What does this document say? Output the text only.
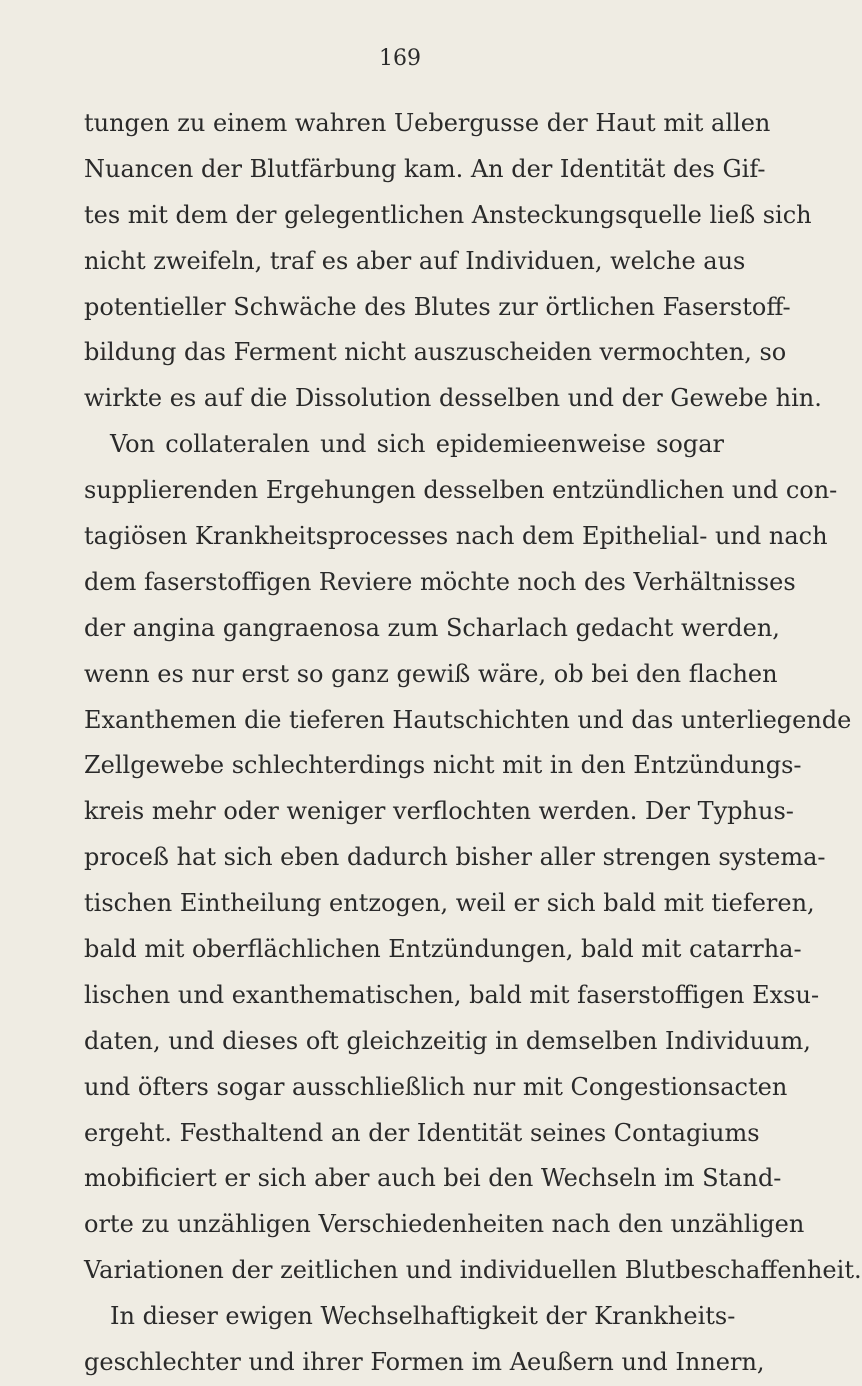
169
tungen zu einem wahren Uebergusse der Haut mit allen
Nuancen der Blutfärbung kam. An der Identität des Gif-
tes mit dem der gelegentlichen Ansteckungsquelle ließ sich
nicht zweifeln, traf es aber auf Individuen, welche aus
potentieller Schwäche des Blutes zur örtlichen Faserstoff-
bildung das Ferment nicht auszuscheiden vermochten, so
wirkte es auf die Dissolution desselben und der Gewebe hin.
Von collateralen und sich epidemieenweise sogar
supplierenden Ergehungen desselben entzündlichen und con-
tagiösen Krankheitsprocesses nach dem Epithelial- und nach
dem faserstoffigen Reviere möchte noch des Verhältnisses
der angina gangraenosa zum Scharlach gedacht werden,
wenn es nur erst so ganz gewiß wäre, ob bei den flachen
Exanthemen die tieferen Hautschichten und das unterliegende
Zellgewebe schlechterdings nicht mit in den Entzündungs-
kreis mehr oder weniger verflochten werden. Der Typhus-
proceß hat sich eben dadurch bisher aller strengen systema-
tischen Eintheilung entzogen, weil er sich bald mit tieferen,
bald mit oberflächlichen Entzündungen, bald mit catarrha-
lischen und exanthematischen, bald mit faserstoffigen Exsu-
daten, und dieses oft gleichzeitig in demselben Individuum,
und öfters sogar ausschließlich nur mit Congestionsacten
ergeht. Festhaltend an der Identität seines Contagiums
mobificiert er sich aber auch bei den Wechseln im Stand-
orte zu unzähligen Verschiedenheiten nach den unzähligen
Variationen der zeitlichen und individuellen Blutbeschaffenheit.
In dieser ewigen Wechselhaftigkeit der Krankheits-
geschlechter und ihrer Formen im Aeußern und Innern,
